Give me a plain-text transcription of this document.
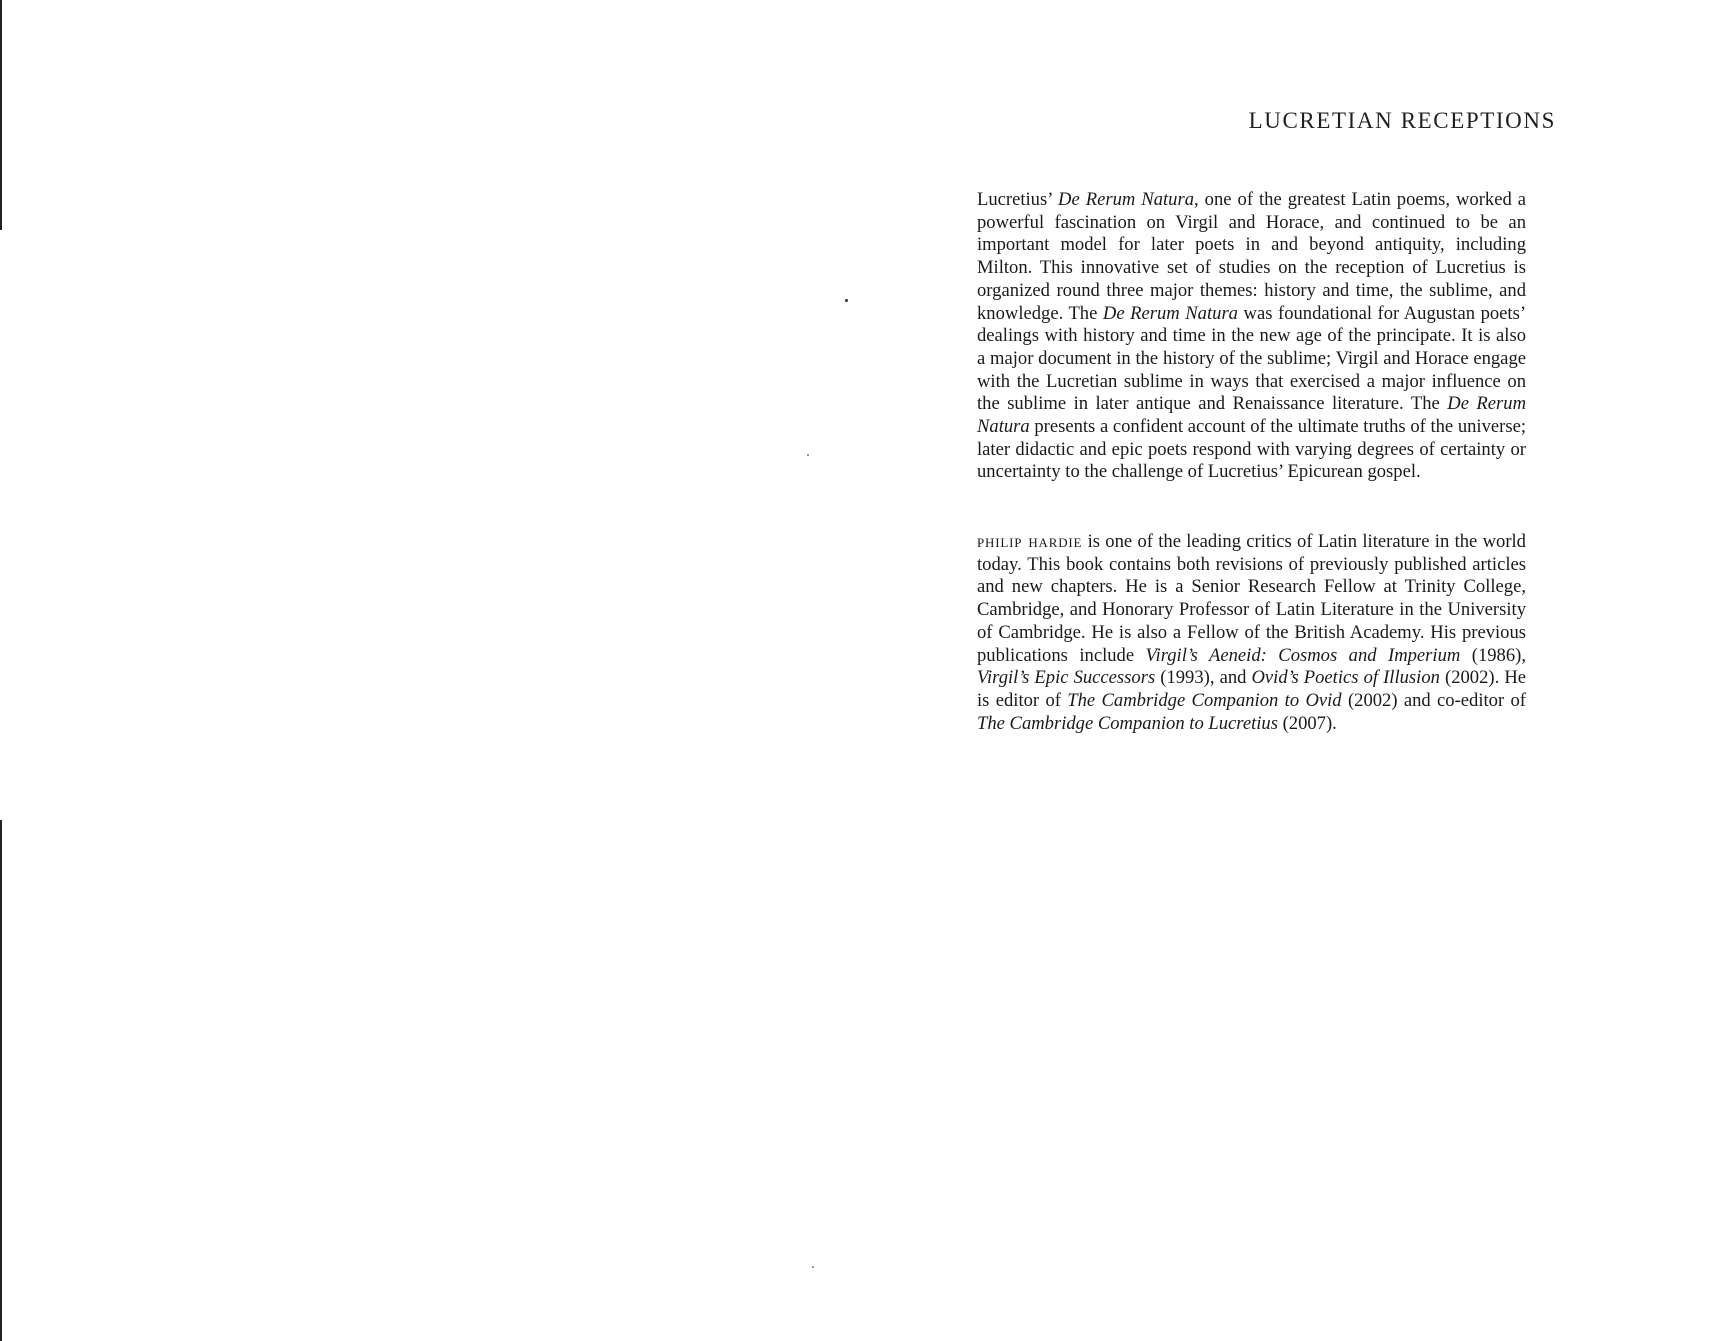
LUCRETIAN RECEPTIONS

Lucretius’ De Rerum Natura, one of the greatest Latin poems, worked a powerful fascination on Virgil and Horace, and continued to be an important model for later poets in and beyond antiquity, including Milton. This innovative set of studies on the reception of Lucretius is organized round three major themes: history and time, the sublime, and knowledge. The De Rerum Natura was foundational for Augustan poets’ dealings with history and time in the new age of the principate. It is also a major document in the history of the sublime; Virgil and Horace engage with the Lucretian sublime in ways that exercised a major influence on the sublime in later antique and Renaissance literature. The De Rerum Natura presents a confident account of the ultimate truths of the universe; later didactic and epic poets respond with varying degrees of certainty or uncertainty to the challenge of Lucretius’ Epicurean gospel.

philip hardie is one of the leading critics of Latin literature in the world today. This book contains both revisions of previously published articles and new chapters. He is a Senior Research Fellow at Trinity College, Cambridge, and Honorary Professor of Latin Literature in the University of Cambridge. He is also a Fellow of the British Academy. His previous publications include Virgil’s Aeneid: Cosmos and Imperium (1986), Virgil’s Epic Successors (1993), and Ovid’s Poetics of Illusion (2002). He is editor of The Cambridge Companion to Ovid (2002) and co-editor of The Cambridge Companion to Lucretius (2007).
